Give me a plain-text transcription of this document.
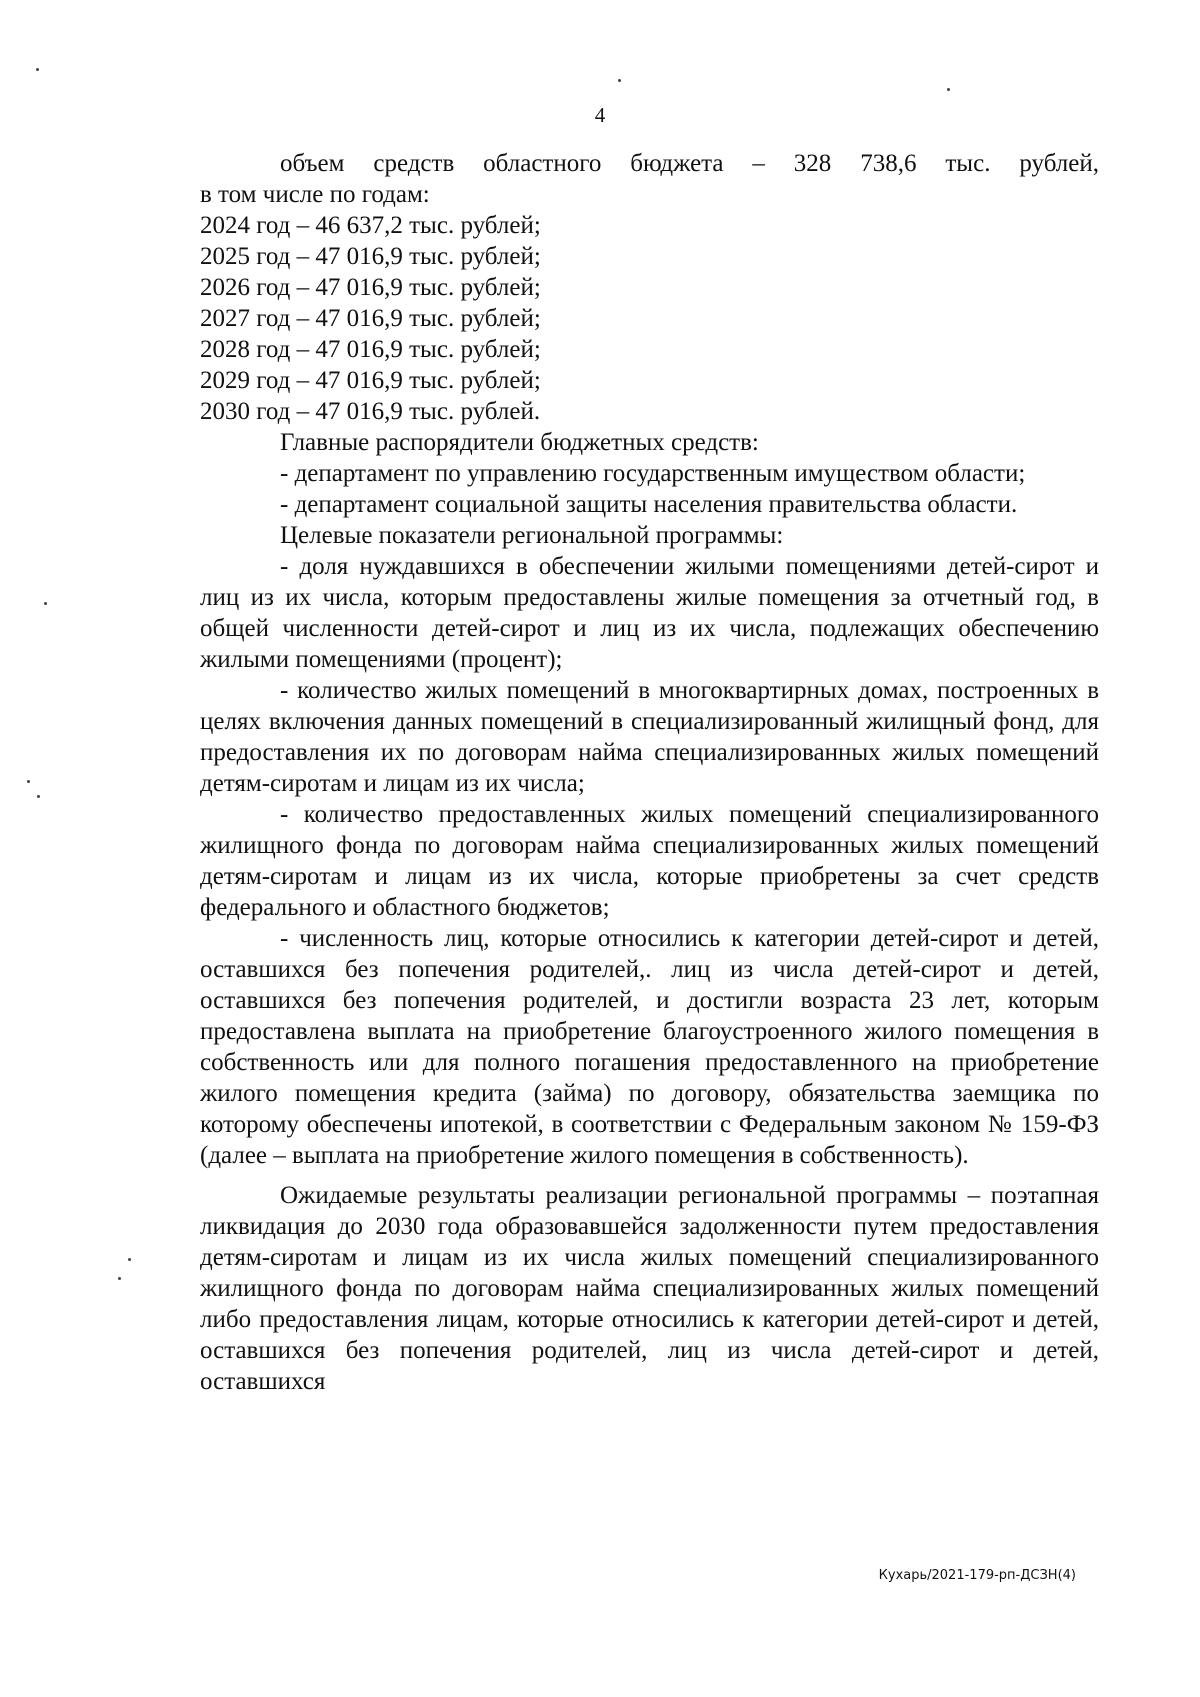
4

объем средств областного бюджета – 328 738,6 тыс. рублей,

в том числе по годам:

2024 год – 46 637,2 тыс. рублей;

2025 год – 47 016,9 тыс. рублей;

2026 год – 47 016,9 тыс. рублей;

2027 год – 47 016,9 тыс. рублей;

2028 год – 47 016,9 тыс. рублей;

2029 год – 47 016,9 тыс. рублей;

2030 год – 47 016,9 тыс. рублей.

Главные распорядители бюджетных средств:

- департамент по управлению государственным имуществом области;

- департамент социальной защиты населения правительства области.

Целевые показатели региональной программы:

- доля нуждавшихся в обеспечении жилыми помещениями детей-сирот и лиц из их числа, которым предоставлены жилые помещения за отчетный год, в общей численности детей-сирот и лиц из их числа, подлежащих обеспечению жилыми помещениями (процент);

- количество жилых помещений в многоквартирных домах, построенных в целях включения данных помещений в специализированный жилищный фонд, для предоставления их по договорам найма специализированных жилых помещений детям-сиротам и лицам из их числа;

- количество предоставленных жилых помещений специализированного жилищного фонда по договорам найма специализированных жилых помещений детям-сиротам и лицам из их числа, которые приобретены за счет средств федерального и областного бюджетов;

- численность лиц, которые относились к категории детей-сирот и детей, оставшихся без попечения родителей,. лиц из числа детей-сирот и детей, оставшихся без попечения родителей, и достигли возраста 23 лет, которым предоставлена выплата на приобретение благоустроенного жилого помещения в собственность или для полного погашения предоставленного на приобретение жилого помещения кредита (займа) по договору, обязательства заемщика по которому обеспечены ипотекой, в соответствии с Федеральным законом № 159-ФЗ (далее – выплата на приобретение жилого помещения в собственность).

Ожидаемые результаты реализации региональной программы – поэтапная ликвидация до 2030 года образовавшейся задолженности путем предоставления детям-сиротам и лицам из их числа жилых помещений специализированного жилищного фонда по договорам найма специализированных жилых помещений либо предоставления лицам, которые относились к категории детей-сирот и детей, оставшихся без попечения родителей, лиц из числа детей-сирот и детей, оставшихся

Кухарь/2021-179-рп-ДСЗН(4)
